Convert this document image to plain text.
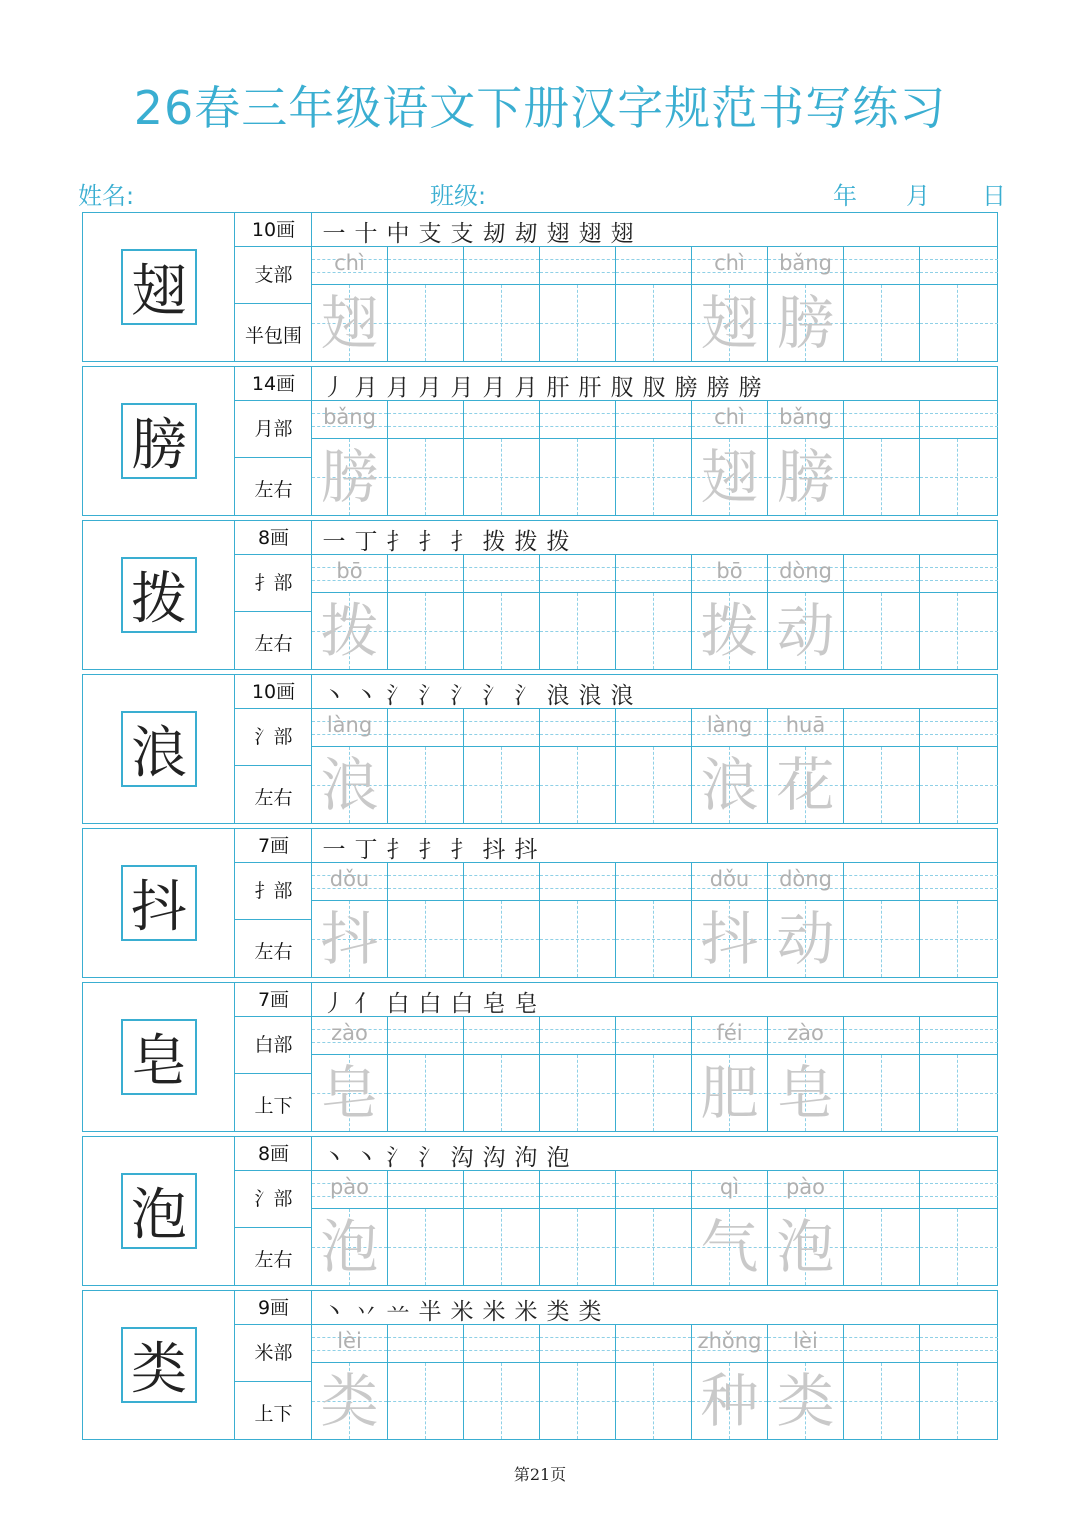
26春三年级语文下册汉字规范书写练习
姓名:	班级:	年 月 日
翅
10画
支部
半包围
一 十 中 支 支 刼 刼 翅 翅 翅
chì
翅
chì
翅
bǎng
膀
膀
14画
月部
左右
丿 月 月 月 月 月 月 肝 肝 肞 肞 膀 膀 膀
bǎng
膀
chì
翅
bǎng
膀
拨
8画
扌部
左右
一 丁 扌 扌 扌 拨 拨 拨
bō
拨
bō
拨
dòng
动
浪
10画
氵部
左右
丶 丶 氵 氵 氵 氵 氵 浪 浪 浪
làng
浪
làng
浪
huā
花
抖
7画
扌部
左右
一 丁 扌 扌 扌 抖 抖
dǒu
抖
dǒu
抖
dòng
动
皂
7画
白部
上下
丿 亻 白 白 白 皂 皂
zào
皂
féi
肥
zào
皂
泡
8画
氵部
左右
丶 丶 氵 氵 沟 沟 泃 泡
pào
泡
qì
气
pào
泡
类
9画
米部
上下
丶 丷 䒑 半 米 米 米 类 类
lèi
类
zhǒng
种
lèi
类
第21页
